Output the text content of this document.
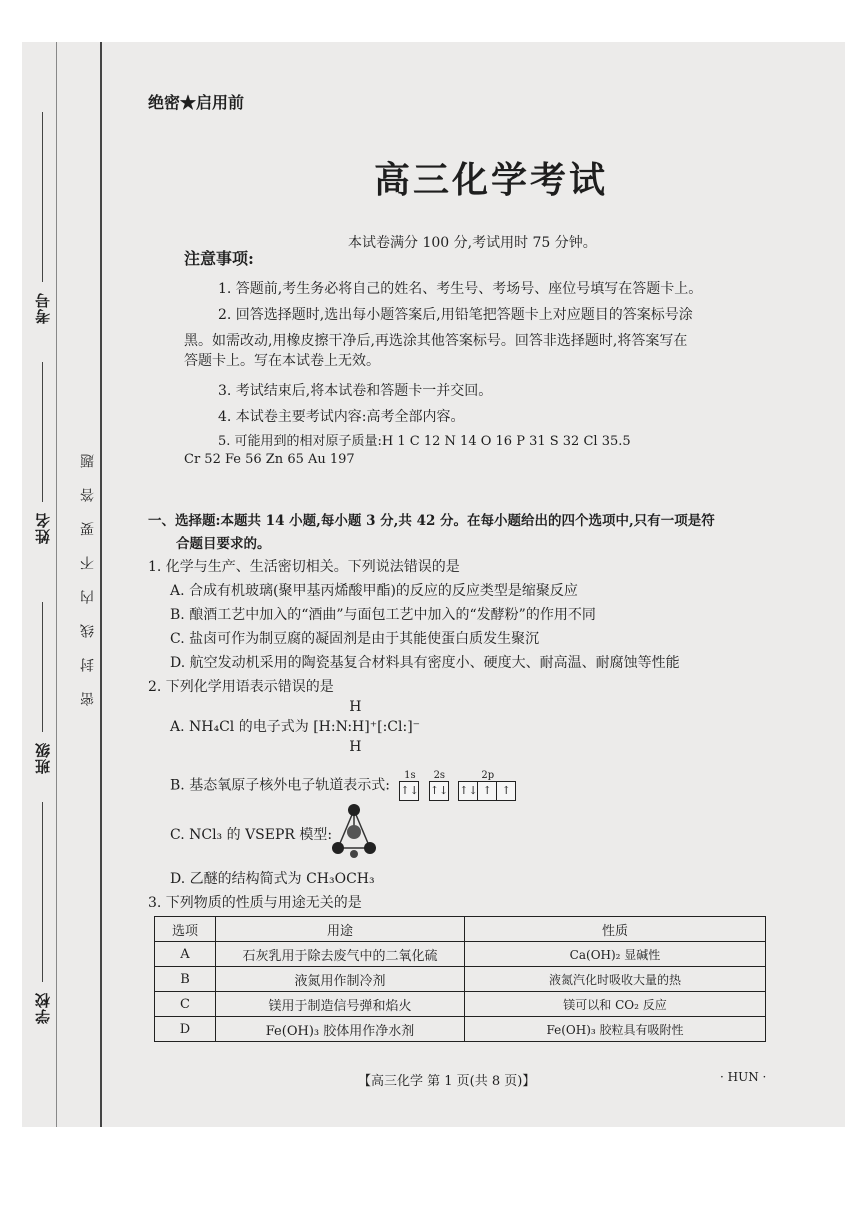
考号
姓名
班级
学校
密封线内不要答题
绝密★启用前
高三化学考试
本试卷满分 100 分,考试用时 75 分钟。
注意事项:
1. 答题前,考生务必将自己的姓名、考生号、考场号、座位号填写在答题卡上。
2. 回答选择题时,选出每小题答案后,用铅笔把答题卡上对应题目的答案标号涂
黑。如需改动,用橡皮擦干净后,再选涂其他答案标号。回答非选择题时,将答案写在
答题卡上。写在本试卷上无效。
3. 考试结束后,将本试卷和答题卡一并交回。
4. 本试卷主要考试内容:高考全部内容。
5. 可能用到的相对原子质量:H 1 C 12 N 14 O 16 P 31 S 32 Cl 35.5
Cr 52 Fe 56 Zn 65 Au 197
一、选择题:本题共 14 小题,每小题 3 分,共 42 分。在每小题给出的四个选项中,只有一项是符
合题目要求的。
1. 化学与生产、生活密切相关。下列说法错误的是
A. 合成有机玻璃(聚甲基丙烯酸甲酯)的反应的反应类型是缩聚反应
B. 酿酒工艺中加入的“酒曲”与面包工艺中加入的“发酵粉”的作用不同
C. 盐卤可作为制豆腐的凝固剂是由于其能使蛋白质发生聚沉
D. 航空发动机采用的陶瓷基复合材料具有密度小、硬度大、耐高温、耐腐蚀等性能
2. 下列化学用语表示错误的是
A. NH₄Cl 的电子式为
H
[H:N:H]⁺[:Cl:]⁻
H
B. 基态氧原子核外电子轨道表示式:
1s
↑↓
2s
↑↓
2p
↑↓ ↑ ↑
C. NCl₃ 的 VSEPR 模型:
D. 乙醚的结构简式为 CH₃OCH₃
3. 下列物质的性质与用途无关的是
选项	用途	性质
A	石灰乳用于除去废气中的二氧化硫	Ca(OH)₂ 显碱性
B	液氮用作制冷剂	液氮汽化时吸收大量的热
C	镁用于制造信号弹和焰火	镁可以和 CO₂ 反应
D	Fe(OH)₃ 胶体用作净水剂	Fe(OH)₃ 胶粒具有吸附性
【高三化学 第 1 页(共 8 页)】	· HUN ·
